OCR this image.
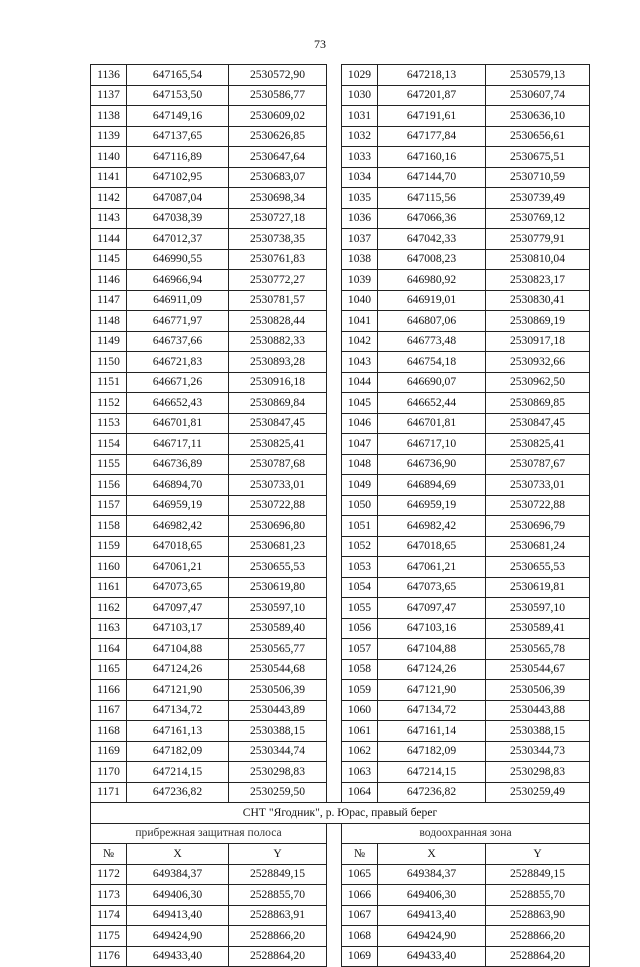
73
1136	647165,54	2530572,90		1029	647218,13	2530579,13
1137	647153,50	2530586,77		1030	647201,87	2530607,74
1138	647149,16	2530609,02		1031	647191,61	2530636,10
1139	647137,65	2530626,85		1032	647177,84	2530656,61
1140	647116,89	2530647,64		1033	647160,16	2530675,51
1141	647102,95	2530683,07		1034	647144,70	2530710,59
1142	647087,04	2530698,34		1035	647115,56	2530739,49
1143	647038,39	2530727,18		1036	647066,36	2530769,12
1144	647012,37	2530738,35		1037	647042,33	2530779,91
1145	646990,55	2530761,83		1038	647008,23	2530810,04
1146	646966,94	2530772,27		1039	646980,92	2530823,17
1147	646911,09	2530781,57		1040	646919,01	2530830,41
1148	646771,97	2530828,44		1041	646807,06	2530869,19
1149	646737,66	2530882,33		1042	646773,48	2530917,18
1150	646721,83	2530893,28		1043	646754,18	2530932,66
1151	646671,26	2530916,18		1044	646690,07	2530962,50
1152	646652,43	2530869,84		1045	646652,44	2530869,85
1153	646701,81	2530847,45		1046	646701,81	2530847,45
1154	646717,11	2530825,41		1047	646717,10	2530825,41
1155	646736,89	2530787,68		1048	646736,90	2530787,67
1156	646894,70	2530733,01		1049	646894,69	2530733,01
1157	646959,19	2530722,88		1050	646959,19	2530722,88
1158	646982,42	2530696,80		1051	646982,42	2530696,79
1159	647018,65	2530681,23		1052	647018,65	2530681,24
1160	647061,21	2530655,53		1053	647061,21	2530655,53
1161	647073,65	2530619,80		1054	647073,65	2530619,81
1162	647097,47	2530597,10		1055	647097,47	2530597,10
1163	647103,17	2530589,40		1056	647103,16	2530589,41
1164	647104,88	2530565,77		1057	647104,88	2530565,78
1165	647124,26	2530544,68		1058	647124,26	2530544,67
1166	647121,90	2530506,39		1059	647121,90	2530506,39
1167	647134,72	2530443,89		1060	647134,72	2530443,88
1168	647161,13	2530388,15		1061	647161,14	2530388,15
1169	647182,09	2530344,74		1062	647182,09	2530344,73
1170	647214,15	2530298,83		1063	647214,15	2530298,83
1171	647236,82	2530259,50		1064	647236,82	2530259,49
СНТ "Ягодник", р. Юрас, правый берег						
прибрежная защитная полоса				водоохранная зона		
№	X	Y		№	X	Y
1172	649384,37	2528849,15		1065	649384,37	2528849,15
1173	649406,30	2528855,70		1066	649406,30	2528855,70
1174	649413,40	2528863,91		1067	649413,40	2528863,90
1175	649424,90	2528866,20		1068	649424,90	2528866,20
1176	649433,40	2528864,20		1069	649433,40	2528864,20
